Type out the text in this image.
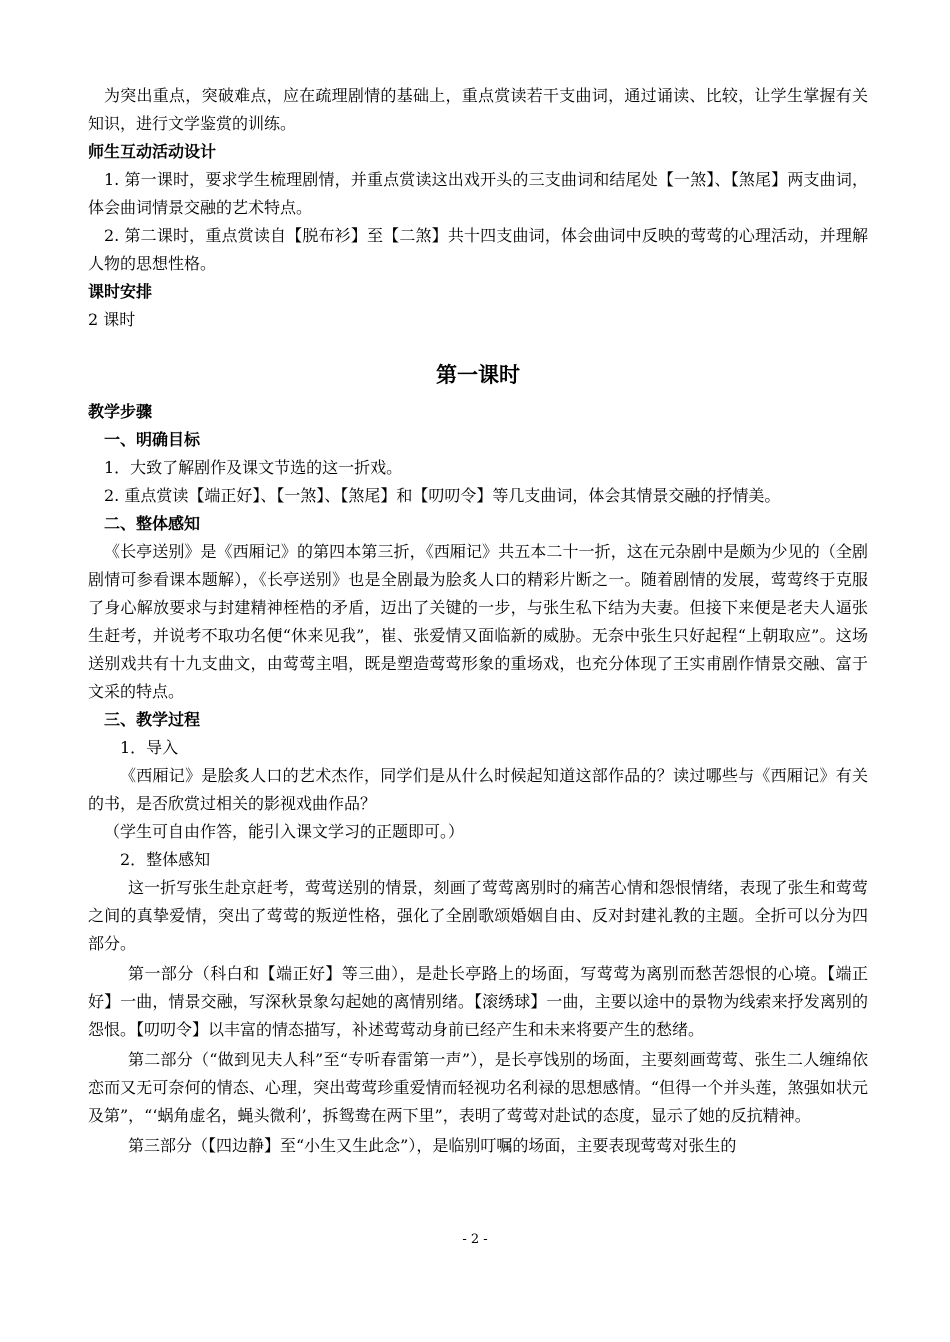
为突出重点，突破难点，应在疏理剧情的基础上，重点赏读若干支曲词，通过诵读、比较，让学生掌握有关知识，进行文学鉴赏的训练。

师生互动活动设计

1. 第一课时，要求学生梳理剧情，并重点赏读这出戏开头的三支曲词和结尾处【一煞】、【煞尾】两支曲词，体会曲词情景交融的艺术特点。

2. 第二课时，重点赏读自【脱布衫】至【二煞】共十四支曲词，体会曲词中反映的莺莺的心理活动，并理解人物的思想性格。

课时安排

2 课时

第一课时

教学步骤

一、明确目标

1．大致了解剧作及课文节选的这一折戏。

2. 重点赏读【端正好】、【一煞】、【煞尾】和【叨叨令】等几支曲词，体会其情景交融的抒情美。

二、整体感知

《长亭送别》是《西厢记》的第四本第三折，《西厢记》共五本二十一折，这在元杂剧中是颇为少见的（全剧剧情可参看课本题解），《长亭送别》也是全剧最为脍炙人口的精彩片断之一。随着剧情的发展，莺莺终于克服了身心解放要求与封建精神桎梏的矛盾，迈出了关键的一步，与张生私下结为夫妻。但接下来便是老夫人逼张生赶考，并说考不取功名便“休来见我”，崔、张爱情又面临新的威胁。无奈中张生只好起程“上朝取应”。这场送别戏共有十九支曲文，由莺莺主唱，既是塑造莺莺形象的重场戏，也充分体现了王实甫剧作情景交融、富于文采的特点。

三、教学过程

1．导入

《西厢记》是脍炙人口的艺术杰作，同学们是从什么时候起知道这部作品的？读过哪些与《西厢记》有关的书，是否欣赏过相关的影视戏曲作品？

（学生可自由作答，能引入课文学习的正题即可。）

2．整体感知

这一折写张生赴京赶考，莺莺送别的情景，刻画了莺莺离别时的痛苦心情和怨恨情绪，表现了张生和莺莺之间的真挚爱情，突出了莺莺的叛逆性格，强化了全剧歌颂婚姻自由、反对封建礼教的主题。全折可以分为四部分。

第一部分（科白和【端正好】等三曲），是赴长亭路上的场面，写莺莺为离别而愁苦怨恨的心境。【端正好】一曲，情景交融，写深秋景象勾起她的离情别绪。【滚绣球】一曲，主要以途中的景物为线索来抒发离别的怨恨。【叨叨令】以丰富的情态描写，补述莺莺动身前已经产生和未来将要产生的愁绪。

第二部分（“做到见夫人科”至“专听春雷第一声”），是长亭饯别的场面，主要刻画莺莺、张生二人缠绵依恋而又无可奈何的情态、心理，突出莺莺珍重爱情而轻视功名利禄的思想感情。“但得一个并头莲，煞强如状元及第”，“‘蜗角虚名，蝇头微利’，拆鸳鸯在两下里”，表明了莺莺对赴试的态度，显示了她的反抗精神。

第三部分（【四边静】至“小生又生此念”），是临别叮嘱的场面，主要表现莺莺对张生的

- 2 -
